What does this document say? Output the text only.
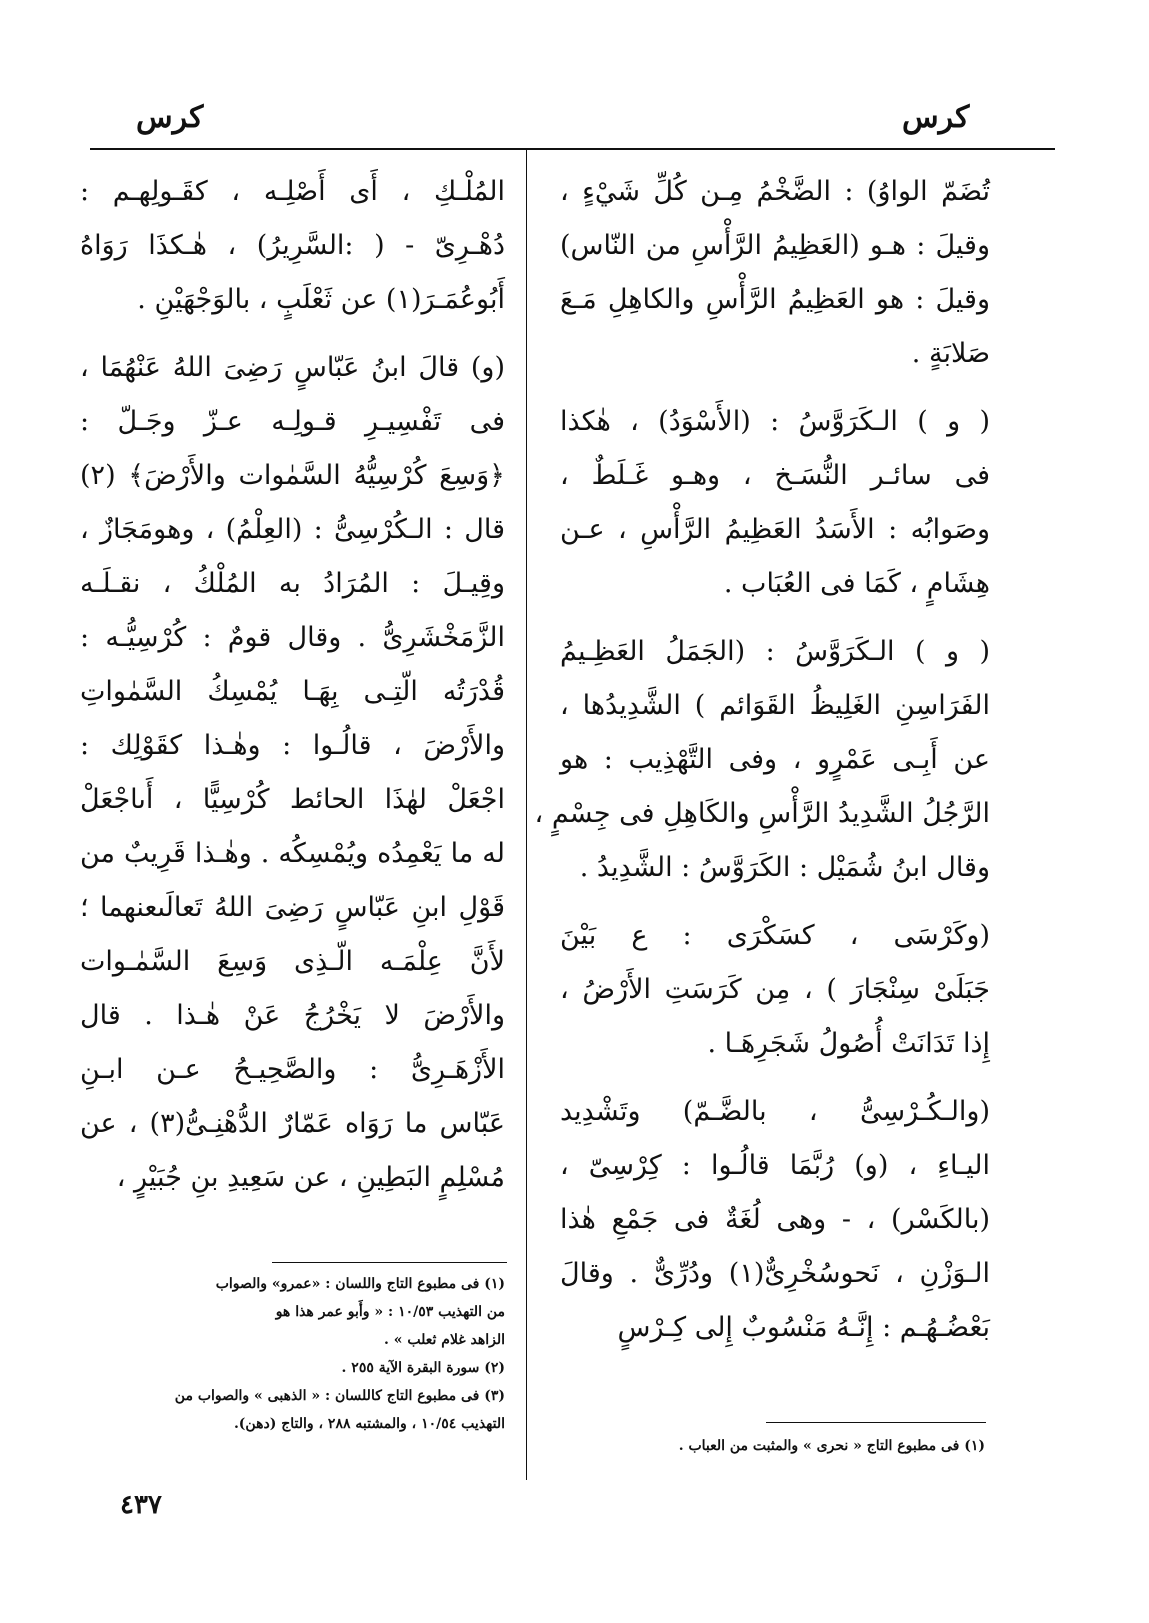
كرس
كرس
تُضَمّ الواوُ) : الضَّخْمُ مِـن كُلِّ شَيْءٍ ،
وقيلَ : هـو (العَظِيمُ الرَّأْسِ من النّاس)
وقيلَ : هو العَظِيمُ الرَّأْسِ والكاهِلِ مَـعَ
صَلابَةٍ .
( و ) الـكَرَوَّسُ : (الأَسْوَدُ) ، هٰكذا
فى سائـر النُّسَـخ ، وهـو غَـلَطٌ ،
وصَوابُه : الأَسَدُ العَظِيمُ الرَّأْسِ ، عـن
هِشَامٍ ، كَمَا فى العُبَاب .
( و ) الـكَرَوَّسُ : (الجَمَلُ العَظِـيمُ
الفَرَاسِنِ الغَلِيظُ القَوَائم ) الشَّدِيدُها ،
عن أَبِـى عَمْرٍو ، وفى التَّهْذِيب : هو
الرَّجُلُ الشَّدِيدُ الرَّأْسِ والكَاهِلِ فى جِسْمٍ ،
وقال ابنُ شُمَيْل : الكَرَوَّسُ : الشَّدِيدُ .
(وكَرْسَى ، كسَكْرَى : ع بَيْنَ
جَبَلَىْ سِنْجَارَ ) ، مِن كَرَسَتِ الأَرْضُ ،
إِذا تَدَانَتْ أُصُولُ شَجَرِهَـا .
(والـكُـرْسِىُّ ، بالضَّـمّ) وتَشْدِيد
اليـاءِ ، (و) رُبَّمَا قالُـوا : كِرْسِىّ ،
(بالكَسْر) ، - وهى لُغَةٌ فى جَمْعِ هٰذا
الـوَزْنِ ، نَحوسُخْرِىٌّ(١) ودُرِّىٌّ . وقالَ
بَعْضُـهُـم : إِنَّـهُ مَنْسُوبٌ إِلى كِـرْسٍ
المُلْـكِ ، أَى أَصْلِـه ، كقَـولِهـم :
دُهْـرِىّ - ( :السَّرِيرُ) ، هٰـكذَا رَوَاهُ
أَبُوعُمَـرَ(١) عن ثَعْلَبٍ ، بالوَجْهَيْنِ .
(و) قالَ ابنُ عَبّاسٍ رَضِىَ اللهُ عَنْهُمَا ،
فى تَفْسِيـرِ قـولِـه عـزّ وجَـلّ :
﴿وَسِعَ كُرْسِيُّهُ السَّمٰوات والأَرْضَ﴾ (٢)
قال : الـكُرْسِىُّ : (العِلْمُ) ، وهومَجَازٌ ،
وقِيـلَ : المُرَادُ به المُلْكُ ، نقـلَـه
الزَّمَخْشَرِىُّ . وقال قومٌ : كُرْسِيُّـه :
قُدْرَتُه الّتِـى بِهَـا يُمْسِكُ السَّمٰواتِ
والأَرْضَ ، قالُـوا : وهٰـذا كقَوْلِك :
اجْعَلْ لهٰذَا الحائط كُرْسِيًّا ، أَىاجْعَلْ
له ما يَعْمِدُه ويُمْسِكُه . وهٰـذا قَرِيبٌ من
قَوْلِ ابنِ عَبّاسٍ رَضِىَ اللهُ تَعالَىعنهما ؛
لأَنَّ عِلْمَـه الّـذِى وَسِعَ السَّمٰـوات
والأَرْضَ لا يَخْرُجُ عَنْ هٰـذا . قال
الأَزْهَـرِىُّ : والصَّحِيـحُ عـن ابـنِ
عَبّاس ما رَوَاه عَمّارٌ الدُّهْنِـىُّ(٣) ، عن
مُسْلِمٍ البَطِينِ ، عن سَعِيدِ بنِ جُبَيْرٍ ،
(١) فى مطبوع التاج واللسان : «عمرو» والصواب
من التهذيب ١٠/٥٣ : « وأَبو عمر هذا هو
الزاهد غلام ثعلب » .
(٢) سورة البقرة الآية ٢٥٥ .
(٣) فى مطبوع التاج كاللسان : « الذهبى » والصواب من
التهذيب ١٠/٥٤ ، والمشتبه ٢٨٨ ، والتاج (دهن).
(١) فى مطبوع التاج « نحرى » والمثبت من العباب .
٤٣٧
